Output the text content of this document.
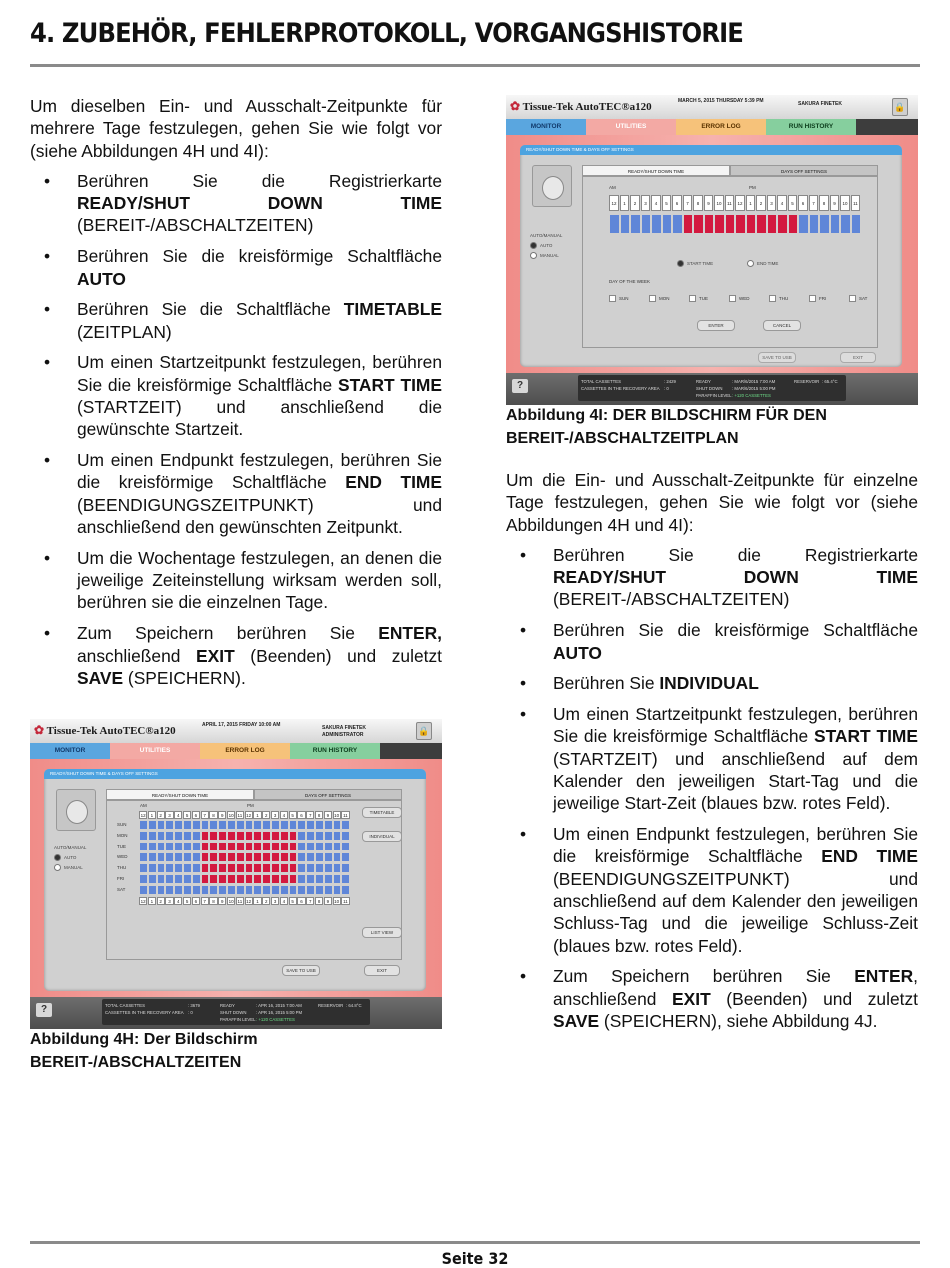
4. ZUBEHÖR, FEHLERPROTOKOLL, VORGANGSHISTORIE

Um dieselben Ein- und Ausschalt-Zeitpunkte für mehrere Tage festzulegen, gehen Sie wie folgt vor (siehe Abbildungen 4H und 4I):

• Berühren Sie die Registrierkarte READY/SHUT DOWN TIME (BEREIT-/ABSCHALTZEITEN)
• Berühren Sie die kreisförmige Schaltfläche AUTO
• Berühren Sie die Schaltfläche TIMETABLE (ZEITPLAN)
• Um einen Startzeitpunkt festzulegen, berühren Sie die kreisförmige Schaltfläche START TIME (STARTZEIT) und anschließend die gewünschte Startzeit.
• Um einen Endpunkt festzulegen, berühren Sie die kreisförmige Schaltfläche END TIME (BEENDIGUNGSZEITPUNKT) und anschließend den gewünschten Zeitpunkt.
• Um die Wochentage festzulegen, an denen die jeweilige Zeiteinstellung wirksam werden soll, berühren sie die einzelnen Tage.
• Zum Speichern berühren Sie ENTER, anschließend EXIT (Beenden) und zuletzt SAVE (SPEICHERN).
✿ Tissue-Tek AutoTEC®a120	APRIL 17, 2015 FRIDAY 10:00 AM	SAKURA FINETEK
ADMINISTRATOR	🔒
MONITOR	UTILITIES	ERROR LOG	RUN HISTORY
READY/SHUT DOWN TIME & DAYS OFF SETTINGS
AUTO/MANUAL
AUTO
MANUAL
READY/SHUT DOWN TIME	DAYS OFF SETTINGS
AM	PM
12	1	2	3	4	5	6	7	8	9	10 11 12	1	2	3	4	5	6	7	8	9	10 11
SUN
MON
TUE
WED
THU
FRI
SAT
12	1	2	3	4	5	6	7	8	9	10 11 12	1	2	3	4	5	6	7	8	9	10 11
TIMETABLE
INDIVIDUAL
LIST VIEW
SAVE TO USB	EXIT
?	TOTAL CASSETTES	: 3679
CASSETTES IN THE RECOVERY AREA : 0
READY	: APR 16, 2015 7:00 AM
SHUT DOWN : APR 16, 2015 5:00 PM
PARAFFIN LEVEL : +120 CASSETTES
RESERVOIR : 64.8°C
Abbildung 4H: Der Bildschirm BEREIT-/ABSCHALTZEITEN
✿ Tissue-Tek AutoTEC®a120	MARCH 5, 2015 THURSDAY 5:39 PM	SAKURA FINETEK	🔒
MONITOR	UTILITIES	ERROR LOG	RUN HISTORY
READY/SHUT DOWN TIME & DAYS OFF SETTINGS
AUTO/MANUAL
AUTO
MANUAL
READY/SHUT DOWN TIME	DAYS OFF SETTINGS
AM	PM
12	1	2	3	4	5	6	7	8	9	10	11	12	1	2	3	4	5	6	7	8	9	10	11
START TIME	END TIME
DAY OF THE WEEK
SUN	MON	TUE	WED	THU	FRI	SAT
ENTER	CANCEL
SAVE TO USB	EXIT
?	TOTAL CASSETTES	: 2429
CASSETTES IN THE RECOVERY AREA : 0
READY	: MAR/6/2015 7:00 AM
SHUT DOWN : MAR/6/2015 5:00 PM
PARAFFIN LEVEL : +120 CASSETTES
RESERVOIR : 65.4°C
Abbildung 4I: DER BILDSCHIRM FÜR DEN BEREIT-/ABSCHALTZEITPLAN

Um die Ein- und Ausschalt-Zeitpunkte für einzelne Tage festzulegen, gehen Sie wie folgt vor (siehe Abbildungen 4H und 4I):

• Berühren Sie die Registrierkarte READY/SHUT DOWN TIME (BEREIT-/ABSCHALTZEITEN)
• Berühren Sie die kreisförmige Schaltfläche AUTO
• Berühren Sie INDIVIDUAL
• Um einen Startzeitpunkt festzulegen, berühren Sie die kreisförmige Schaltfläche START TIME (STARTZEIT) und anschließend auf dem Kalender den jeweiligen Start-Tag und die jeweilige Start-Zeit (blaues bzw. rotes Feld).
• Um einen Endpunkt festzulegen, berühren Sie die kreisförmige Schaltfläche END TIME (BEENDIGUNGSZEITPUNKT) und anschließend auf dem Kalender den jeweiligen Schluss-Tag und die jeweilige Schluss-Zeit (blaues bzw. rotes Feld).
• Zum Speichern berühren Sie ENTER, anschließend EXIT (Beenden) und zuletzt SAVE (SPEICHERN), siehe Abbildung 4J.
Seite 32
